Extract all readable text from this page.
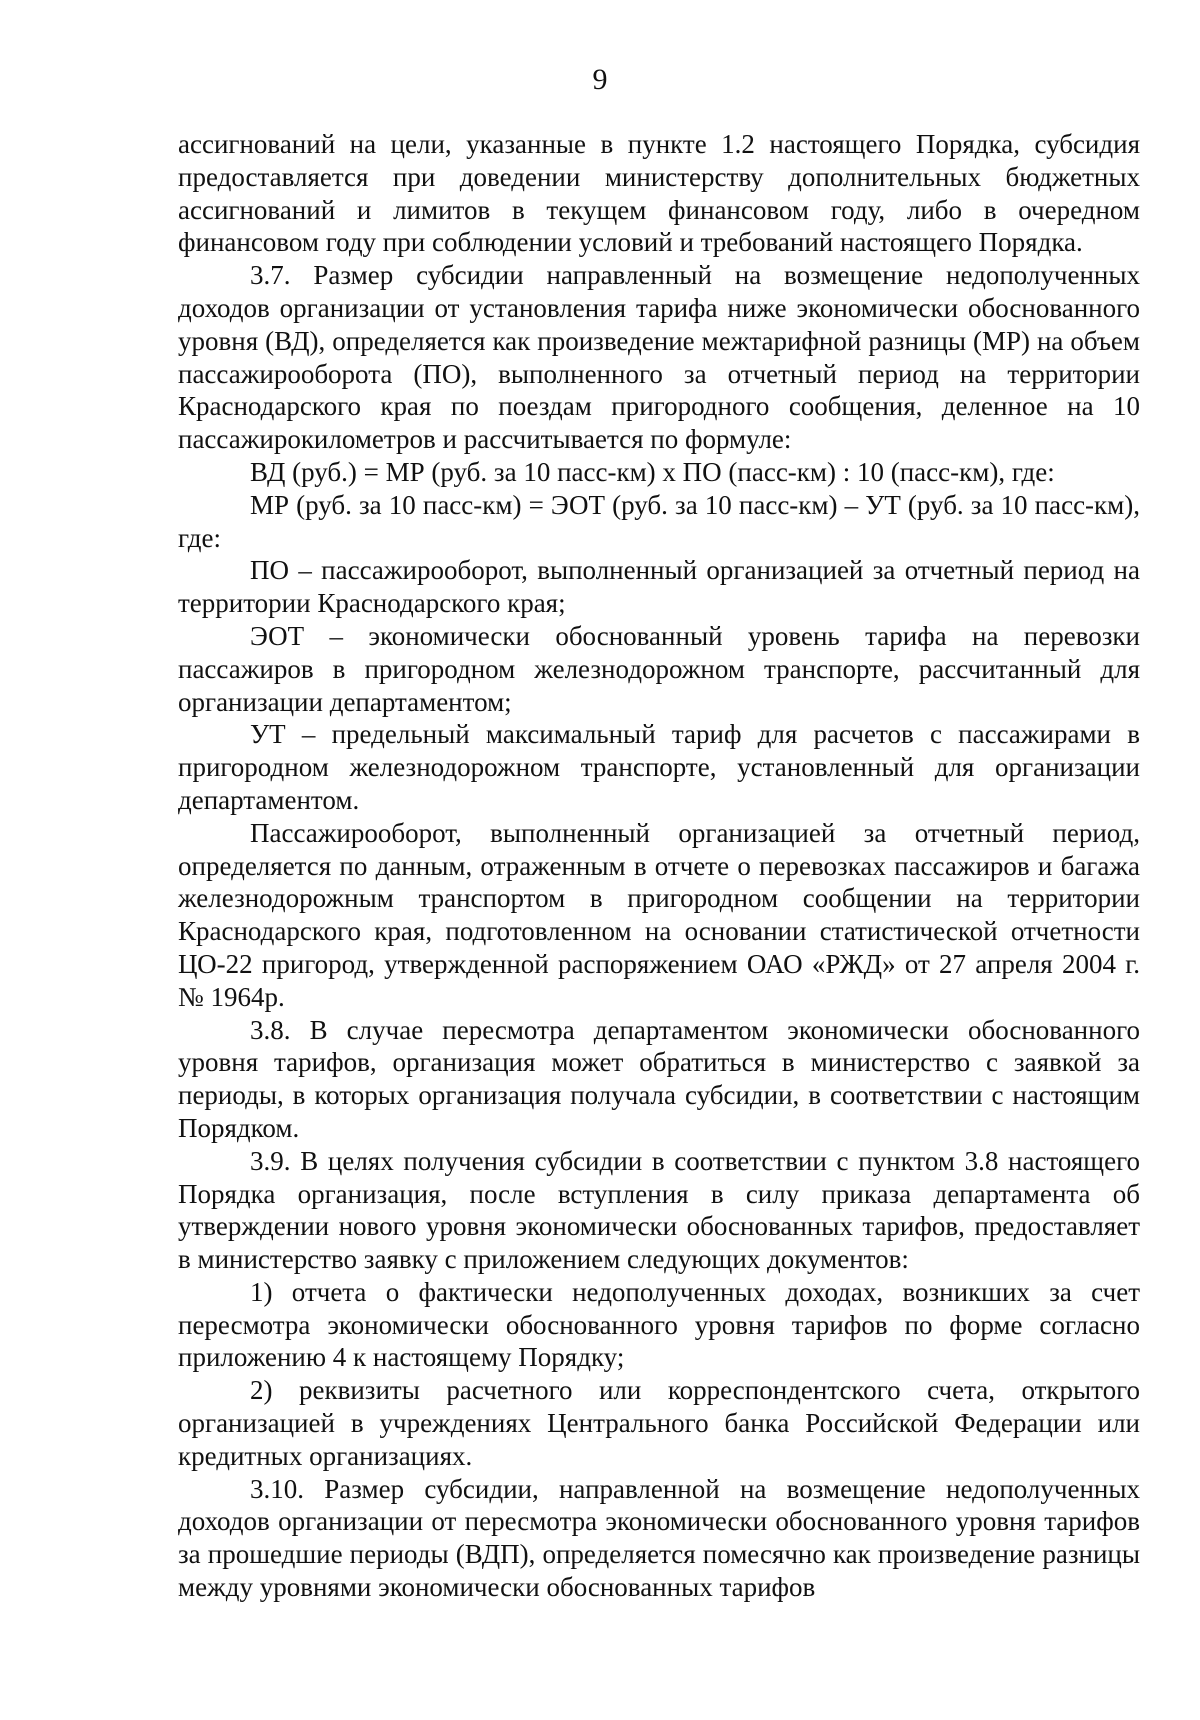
9

ассигнований на цели, указанные в пункте 1.2 настоящего Порядка, субсидия предоставляется при доведении министерству дополнительных бюджетных ассигнований и лимитов в текущем финансовом году, либо в очередном финансовом году при соблюдении условий и требований настоящего Порядка.

3.7. Размер субсидии направленный на возмещение недополученных доходов организации от установления тарифа ниже экономически обоснованного уровня (ВД), определяется как произведение межтарифной разницы (МР) на объем пассажирооборота (ПО), выполненного за отчетный период на территории Краснодарского края по поездам пригородного сообщения, деленное на 10 пассажирокилометров и рассчитывается по формуле:

ВД (руб.) = МР (руб. за 10 пасс-км) х ПО (пасс-км) : 10 (пасс-км), где:

МР (руб. за 10 пасс-км) = ЭОТ (руб. за 10 пасс-км) – УТ (руб. за 10 пасс-км), где:

ПО – пассажирооборот, выполненный организацией за отчетный период на территории Краснодарского края;

ЭОТ – экономически обоснованный уровень тарифа на перевозки пассажиров в пригородном железнодорожном транспорте, рассчитанный для организации департаментом;

УТ – предельный максимальный тариф для расчетов с пассажирами в пригородном железнодорожном транспорте, установленный для организации департаментом.

Пассажирооборот, выполненный организацией за отчетный период, определяется по данным, отраженным в отчете о перевозках пассажиров и багажа железнодорожным транспортом в пригородном сообщении на территории Краснодарского края, подготовленном на основании статистической отчетности ЦО-22 пригород, утвержденной распоряжением ОАО «РЖД» от 27 апреля 2004 г. № 1964р.

3.8. В случае пересмотра департаментом экономически обоснованного уровня тарифов, организация может обратиться в министерство с заявкой за периоды, в которых организация получала субсидии, в соответствии с настоящим Порядком.

3.9. В целях получения субсидии в соответствии с пунктом 3.8 настоящего Порядка организация, после вступления в силу приказа департамента об утверждении нового уровня экономически обоснованных тарифов, предоставляет в министерство заявку с приложением следующих документов:

1) отчета о фактически недополученных доходах, возникших за счет пересмотра экономически обоснованного уровня тарифов по форме согласно приложению 4 к настоящему Порядку;

2) реквизиты расчетного или корреспондентского счета, открытого организацией в учреждениях Центрального банка Российской Федерации или кредитных организациях.

3.10. Размер субсидии, направленной на возмещение недополученных доходов организации от пересмотра экономически обоснованного уровня тарифов за прошедшие периоды (ВДП), определяется помесячно как произведение разницы между уровнями экономически обоснованных тарифов
